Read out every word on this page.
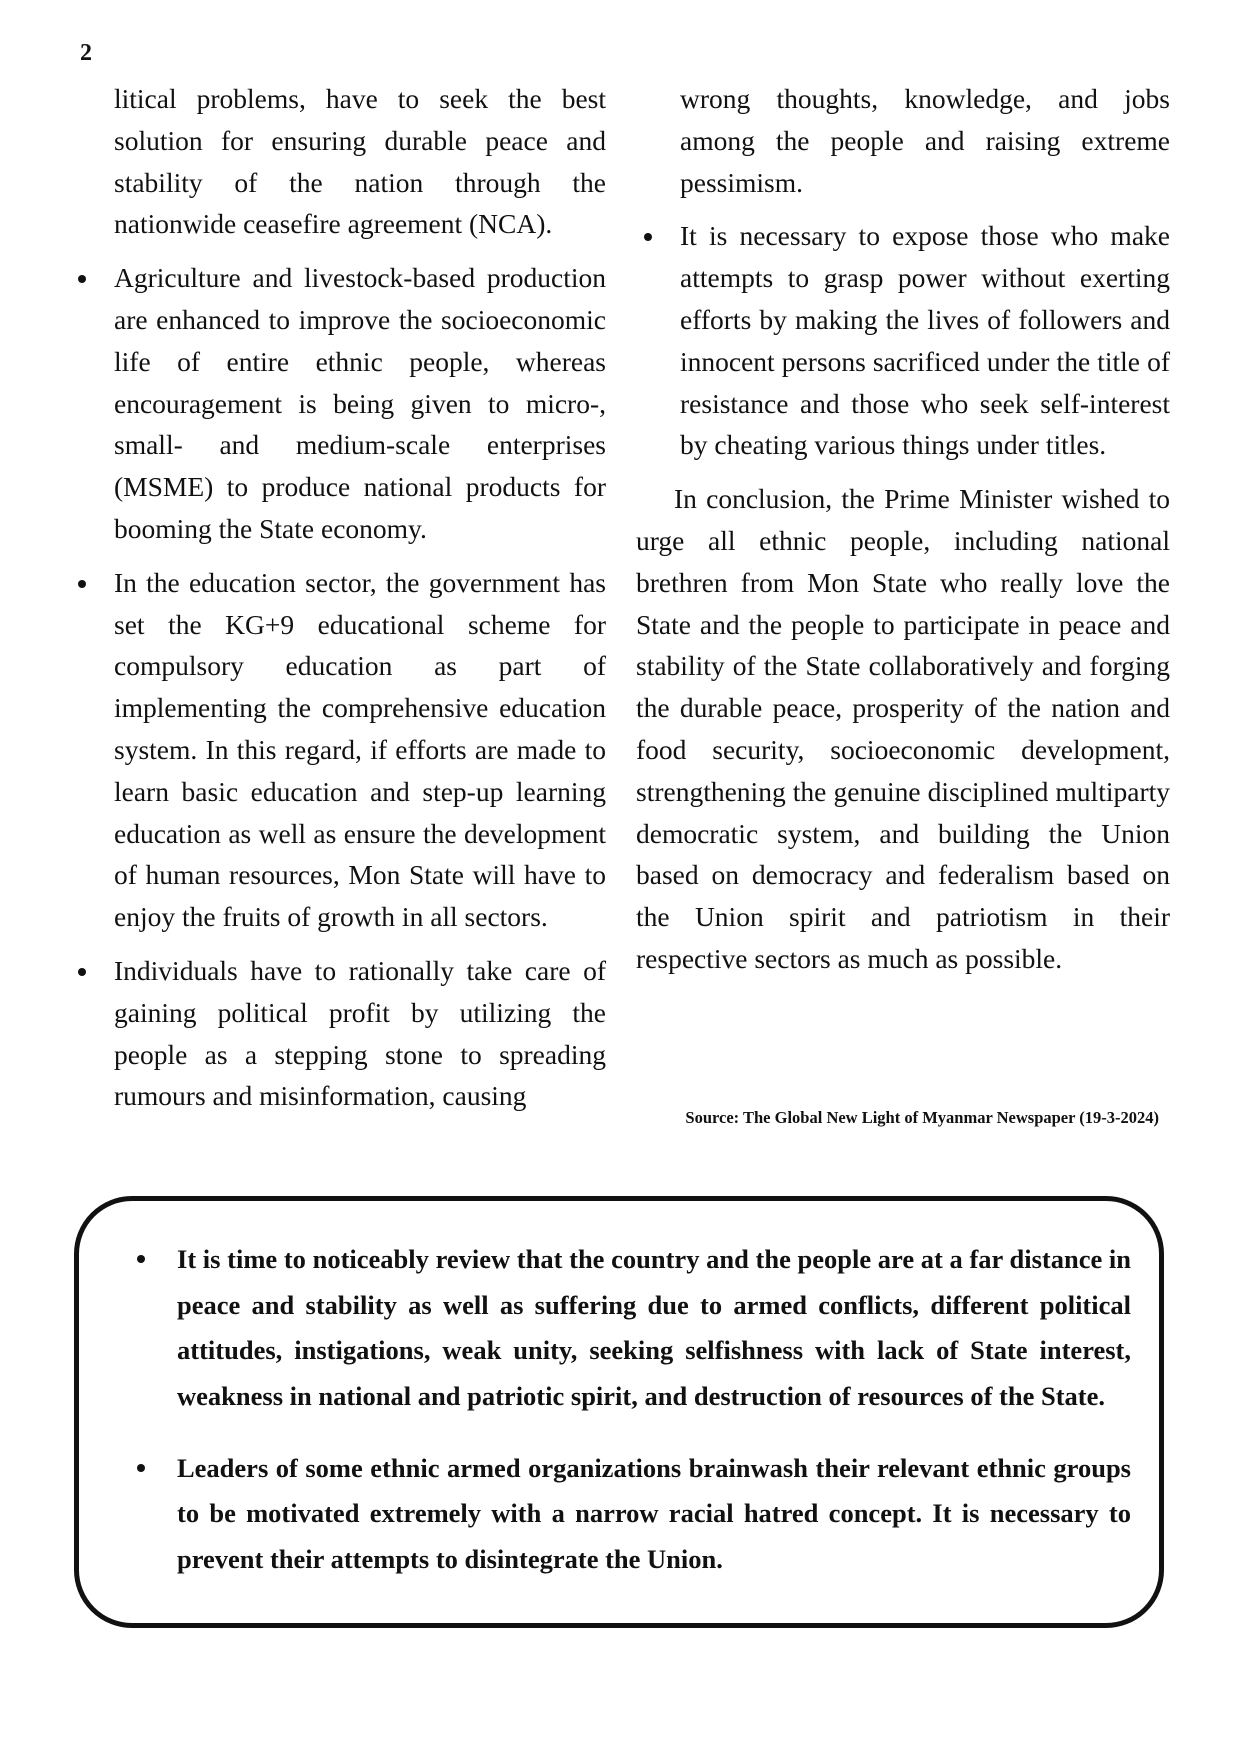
2

litical problems, have to seek the best solution for ensuring durable peace and stability of the nation through the nationwide ceasefire agreement (NCA).

Agriculture and livestock-based production are enhanced to improve the socioeconomic life of entire ethnic people, whereas encouragement is being given to micro-, small- and medium-scale enterprises (MSME) to produce national products for booming the State economy.

In the education sector, the government has set the KG+9 educational scheme for compulsory education as part of implementing the comprehensive education system. In this regard, if efforts are made to learn basic education and step-up learning education as well as ensure the development of human resources, Mon State will have to enjoy the fruits of growth in all sectors.

Individuals have to rationally take care of gaining political profit by utilizing the people as a stepping stone to spreading rumours and misinformation, causing

wrong thoughts, knowledge, and jobs among the people and raising extreme pessimism.

It is necessary to expose those who make attempts to grasp power without exerting efforts by making the lives of followers and innocent persons sacrificed under the title of resistance and those who seek self-interest by cheating various things under titles.

In conclusion, the Prime Minister wished to urge all ethnic people, including national brethren from Mon State who really love the State and the people to participate in peace and stability of the State collaboratively and forging the durable peace, prosperity of the nation and food security, socioeconomic development, strengthening the genuine disciplined multiparty democratic system, and building the Union based on democracy and federalism based on the Union spirit and patriotism in their respective sectors as much as possible.

Source: The Global New Light of Myanmar Newspaper (19-3-2024)

It is time to noticeably review that the country and the people are at a far distance in peace and stability as well as suffering due to armed conflicts, different political attitudes, instigations, weak unity, seeking selfishness with lack of State interest, weakness in national and patriotic spirit, and destruction of resources of the State.

Leaders of some ethnic armed organizations brainwash their relevant ethnic groups to be motivated extremely with a narrow racial hatred concept. It is necessary to prevent their attempts to disintegrate the Union.
